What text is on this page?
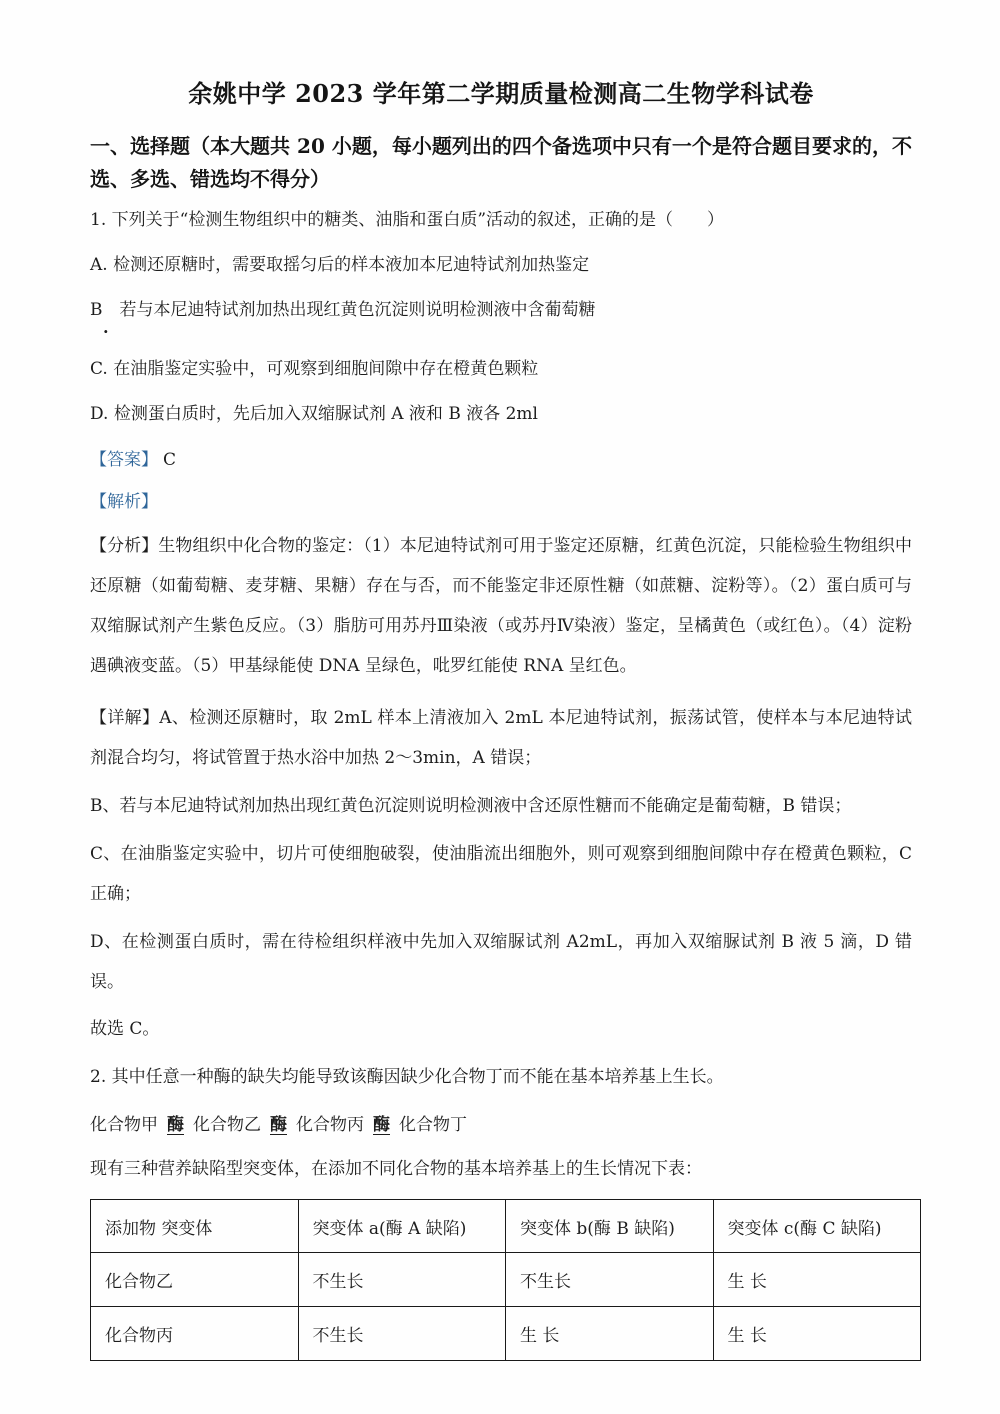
余姚中学 2023 学年第二学期质量检测高二生物学科试卷
一、选择题（本大题共 20 小题，每小题列出的四个备选项中只有一个是符合题目要求的，不选、多选、错选均不得分）

1. 下列关于“检测生物组织中的糖类、油脂和蛋白质”活动的叙述，正确的是（　　）

A. 检测还原糖时，需要取摇匀后的样本液加本尼迪特试剂加热鉴定

B　若与本尼迪特试剂加热出现红黄色沉淀则说明检测液中含葡萄糖

.

C. 在油脂鉴定实验中，可观察到细胞间隙中存在橙黄色颗粒

D. 检测蛋白质时，先后加入双缩脲试剂 A 液和 B 液各 2ml

【答案】 C

【解析】

【分析】生物组织中化合物的鉴定：（1）本尼迪特试剂可用于鉴定还原糖，红黄色沉淀，只能检验生物组织中还原糖（如葡萄糖、麦芽糖、果糖）存在与否，而不能鉴定非还原性糖（如蔗糖、淀粉等）。（2）蛋白质可与双缩脲试剂产生紫色反应。（3）脂肪可用苏丹Ⅲ染液（或苏丹Ⅳ染液）鉴定，呈橘黄色（或红色）。（4）淀粉遇碘液变蓝。（5）甲基绿能使 DNA 呈绿色，吡罗红能使 RNA 呈红色。

【详解】A、检测还原糖时，取 2mL 样本上清液加入 2mL 本尼迪特试剂，振荡试管，使样本与本尼迪特试剂混合均匀，将试管置于热水浴中加热 2～3min，A 错误；

B、若与本尼迪特试剂加热出现红黄色沉淀则说明检测液中含还原性糖而不能确定是葡萄糖，B 错误；

C、在油脂鉴定实验中，切片可使细胞破裂，使油脂流出细胞外，则可观察到细胞间隙中存在橙黄色颗粒，C 正确；

D、在检测蛋白质时，需在待检组织样液中先加入双缩脲试剂 A2mL，再加入双缩脲试剂 B 液 5 滴，D 错误。

故选 C。

2. 其中任意一种酶的缺失均能导致该酶因缺少化合物丁而不能在基本培养基上生长。

化合物甲 酶 化合物乙 酶 化合物丙 酶 化合物丁

现有三种营养缺陷型突变体，在添加不同化合物的基本培养基上的生长情况下表：

添加物 突变体	突变体 a(酶 A 缺陷)	突变体 b(酶 B 缺陷)	突变体 c(酶 C 缺陷)
化合物乙	不生长	不生长	生 长
化合物丙	不生长	生 长	生 长
